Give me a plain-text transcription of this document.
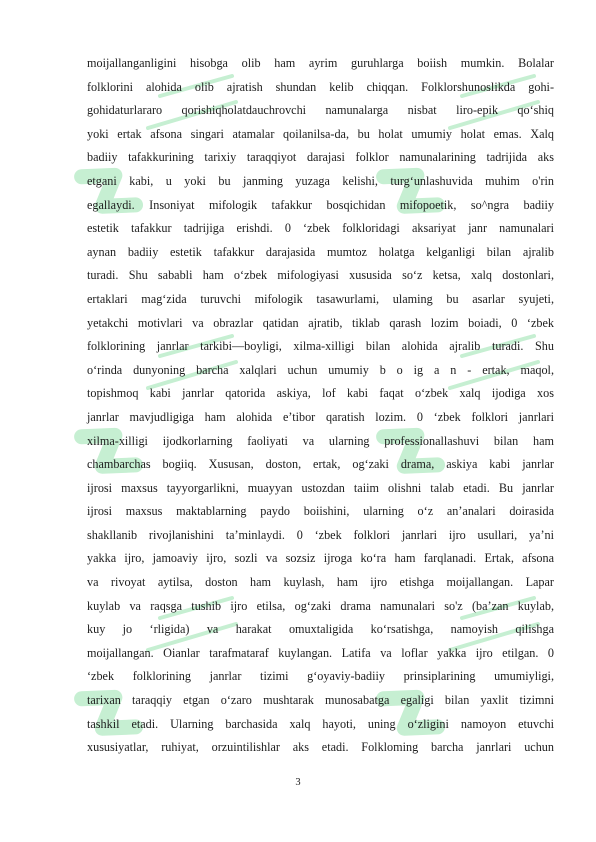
moijallanganligini hisobga olib ham ayrim guruhlarga boiish mumkin. Bolalar
folklorini alohida olib ajratish shundan kelib chiqqan. Folklorshunoslikda gohi-
gohidaturlararo qorishiqholatdauchrovchi namunalarga nisbat liro-epik qo‘shiq
yoki ertak afsona singari atamalar qoilanilsa-da, bu holat umumiy holat emas. Xalq
badiiy tafakkurining tarixiy taraqqiyot darajasi folklor namunalarining tadrijida aks
etgani kabi, u yoki bu janming yuzaga kelishi, turg‘unlashuvida muhim o'rin
egallaydi. Insoniyat mifologik tafakkur bosqichidan mifopoetik, so^ngra badiiy
estetik tafakkur tadrijiga erishdi. 0 ‘zbek folkloridagi aksariyat janr namunalari
aynan badiiy estetik tafakkur darajasida mumtoz holatga kelganligi bilan ajralib
turadi. Shu sababli ham o‘zbek mifologiyasi xususida so‘z ketsa, xalq dostonlari,
ertaklari mag‘zida turuvchi mifologik tasawurlami, ulaming bu asarlar syujeti,
yetakchi motivlari va obrazlar qatidan ajratib, tiklab qarash lozim boiadi, 0 ‘zbek
folklorining janrlar tarkibi—boyligi, xilma-xilligi bilan alohida ajralib turadi. Shu
o‘rinda dunyoning barcha xalqlari uchun umumiy b o ig a n - ertak, maqol,
topishmoq kabi janrlar qatorida askiya, lof kabi faqat o‘zbek xalq ijodiga xos
janrlar mavjudligiga ham alohida e’tibor qaratish lozim. 0 ‘zbek folklori janrlari
xilma-xilligi ijodkorlarning faoliyati va ularning professionallashuvi bilan ham
chambarchas bogiiq. Xususan, doston, ertak, og‘zaki drama, askiya kabi janrlar
ijrosi maxsus tayyorgarlikni, muayyan ustozdan taiim olishni talab etadi. Bu janrlar
ijrosi maxsus maktablarning paydo boiishini, ularning o‘z an’analari doirasida
shakllanib rivojlanishini ta’minlaydi. 0 ‘zbek folklori janrlari ijro usullari, ya’ni
yakka ijro, jamoaviy ijro, sozli va sozsiz ijroga ko‘ra ham farqlanadi. Ertak, afsona
va rivoyat aytilsa, doston ham kuylash, ham ijro etishga moijallangan. Lapar
kuylab va raqsga tushib ijro etilsa, og‘zaki drama namunalari so'z (ba’zan kuylab,
kuy jo ‘rligida) va harakat omuxtaligida ko‘rsatishga, namoyish qilishga
moijallangan. Oianlar tarafmataraf kuylangan. Latifa va loflar yakka ijro etilgan. 0
‘zbek folklorining janrlar tizimi g‘oyaviy-badiiy prinsiplarining umumiyligi,
tarixan taraqqiy etgan o‘zaro mushtarak munosabatga egaligi bilan yaxlit tizimni
tashkil etadi. Ularning barchasida xalq hayoti, uning o‘zligini namoyon etuvchi
xususiyatlar, ruhiyat, orzuintilishlar aks etadi. Folkloming barcha janrlari uchun
3
